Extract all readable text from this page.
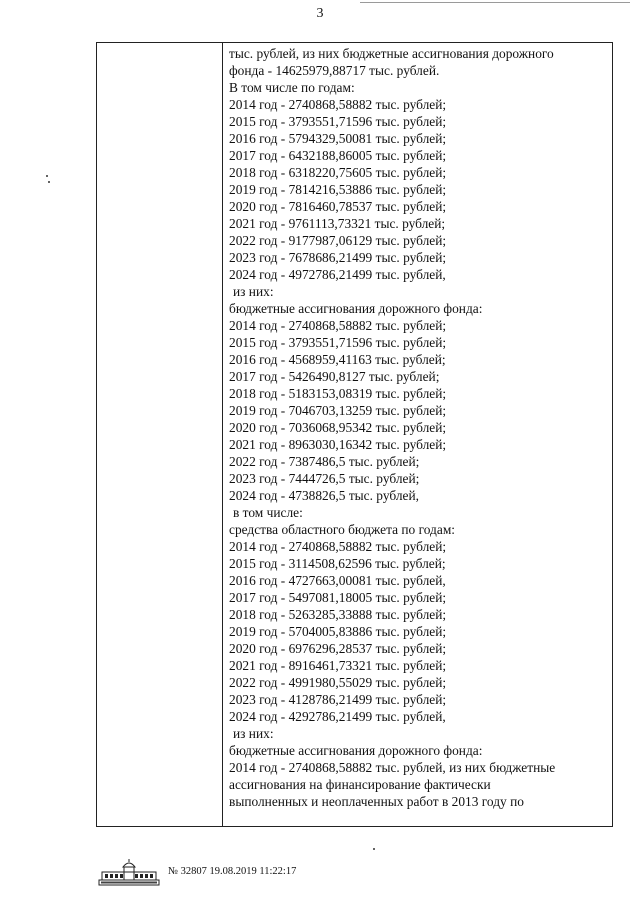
3
тыс. рублей, из них бюджетные ассигнования дорожного
фонда - 14625979,88717 тыс. рублей.
В том числе по годам:
2014 год - 2740868,58882 тыс. рублей;
2015 год - 3793551,71596 тыс. рублей;
2016 год - 5794329,50081 тыс. рублей;
2017 год - 6432188,86005 тыс. рублей;
2018 год - 6318220,75605 тыс. рублей;
2019 год - 7814216,53886 тыс. рублей;
2020 год - 7816460,78537 тыс. рублей;
2021 год - 9761113,73321 тыс. рублей;
2022 год - 9177987,06129 тыс. рублей;
2023 год - 7678686,21499 тыс. рублей;
2024 год - 4972786,21499 тыс. рублей,
из них:
бюджетные ассигнования дорожного фонда:
2014 год - 2740868,58882 тыс. рублей;
2015 год - 3793551,71596 тыс. рублей;
2016 год - 4568959,41163 тыс. рублей;
2017 год - 5426490,8127 тыс. рублей;
2018 год - 5183153,08319 тыс. рублей;
2019 год - 7046703,13259 тыс. рублей;
2020 год - 7036068,95342 тыс. рублей;
2021 год - 8963030,16342 тыс. рублей;
2022 год - 7387486,5 тыс. рублей;
2023 год - 7444726,5 тыс. рублей;
2024 год - 4738826,5 тыс. рублей,
в том числе:
средства областного бюджета по годам:
2014 год - 2740868,58882 тыс. рублей;
2015 год - 3114508,62596 тыс. рублей;
2016 год - 4727663,00081 тыс. рублей,
2017 год - 5497081,18005 тыс. рублей;
2018 год - 5263285,33888 тыс. рублей;
2019 год - 5704005,83886 тыс. рублей;
2020 год - 6976296,28537 тыс. рублей;
2021 год - 8916461,73321 тыс. рублей;
2022 год - 4991980,55029 тыс. рублей;
2023 год - 4128786,21499 тыс. рублей;
2024 год - 4292786,21499 тыс. рублей,
из них:
бюджетные ассигнования дорожного фонда:
2014 год - 2740868,58882 тыс. рублей, из них бюджетные
ассигнования на финансирование фактически
выполненных и неоплаченных работ в 2013 году по
№ 32807 19.08.2019 11:22:17
